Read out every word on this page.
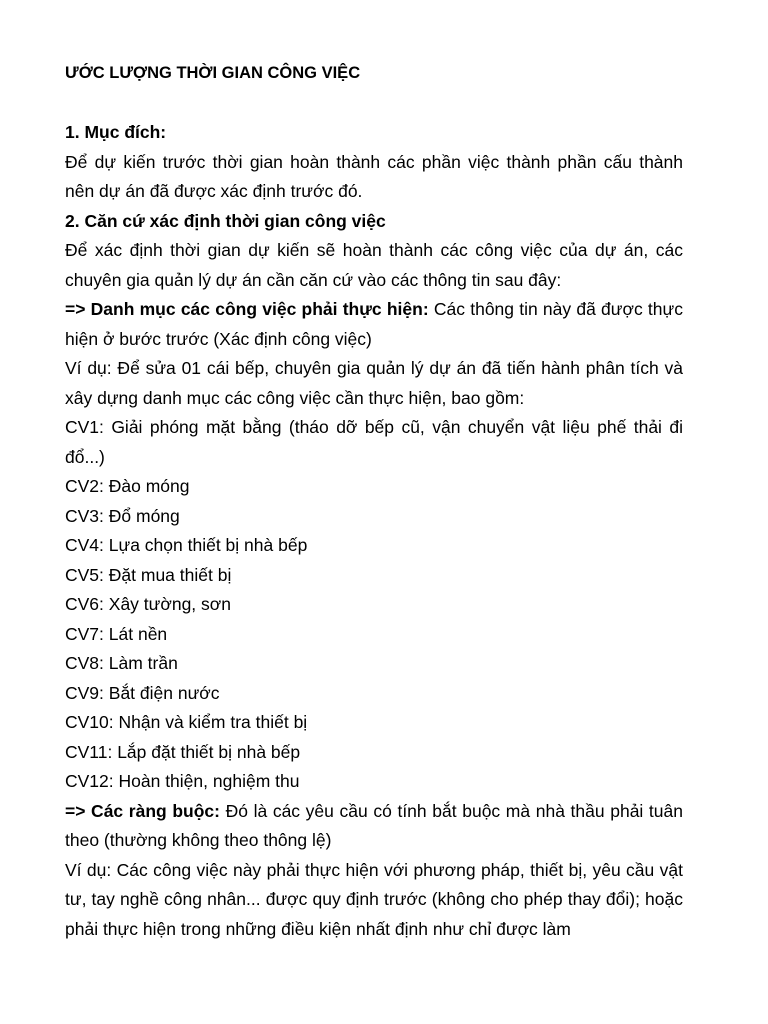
ƯỚC LƯỢNG THỜI GIAN CÔNG VIỆC

1. Mục đích:

Để dự kiến trước thời gian hoàn thành các phần việc thành phần cấu thành nên dự án đã được xác định trước đó.

2. Căn cứ xác định thời gian công việc

Để xác định thời gian dự kiến sẽ hoàn thành các công việc của dự án, các chuyên gia quản lý dự án cần căn cứ vào các thông tin sau đây:

=> Danh mục các công việc phải thực hiện: Các thông tin này đã được thực hiện ở bước trước (Xác định công việc)

Ví dụ: Để sửa 01 cái bếp, chuyên gia quản lý dự án đã tiến hành phân tích và xây dựng danh mục các công việc cần thực hiện, bao gồm:

CV1: Giải phóng mặt bằng (tháo dỡ bếp cũ, vận chuyển vật liệu phế thải đi đổ...)
CV2: Đào móng
CV3: Đổ móng
CV4: Lựa chọn thiết bị nhà bếp
CV5: Đặt mua thiết bị
CV6: Xây tường, sơn
CV7: Lát nền
CV8: Làm trần
CV9: Bắt điện nước
CV10: Nhận và kiểm tra thiết bị
CV11: Lắp đặt thiết bị nhà bếp
CV12: Hoàn thiện, nghiệm thu

=> Các ràng buộc: Đó là các yêu cầu có tính bắt buộc mà nhà thầu phải tuân theo (thường không theo thông lệ)

Ví dụ: Các công việc này phải thực hiện với phương pháp, thiết bị, yêu cầu vật tư, tay nghề công nhân... được quy định trước (không cho phép thay đổi); hoặc phải thực hiện trong những điều kiện nhất định như chỉ được làm
